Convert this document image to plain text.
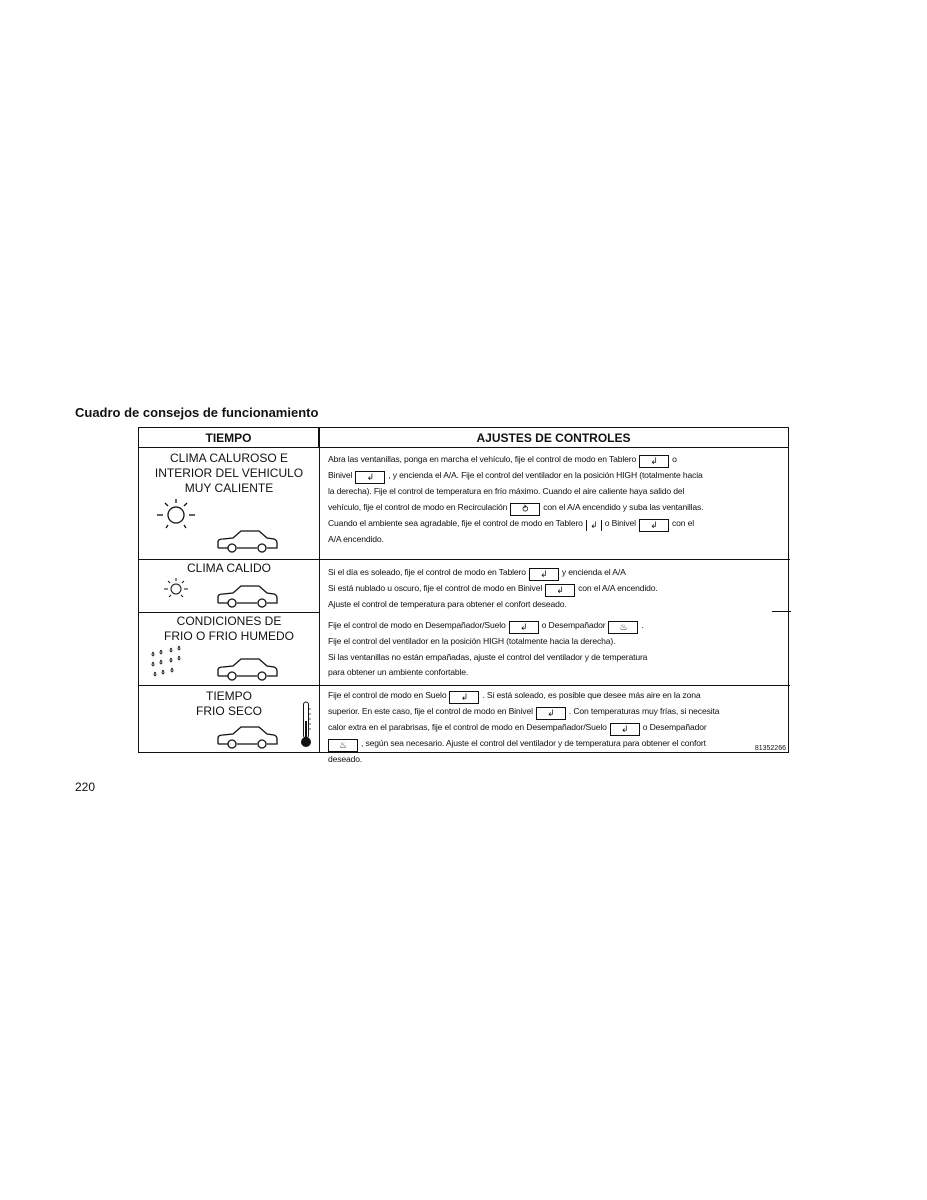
Cuadro de consejos de funcionamiento
TIEMPO	AJUSTES DE CONTROLES
CLIMA CALUROSO E
INTERIOR DEL VEHICULO
MUY CALIENTE

Abra las ventanillas, ponga en marcha el vehículo, fije el control de modo en Tablero ↲ o

Binivel ↲ , y encienda el A/A. Fije el control del ventilador en la posición HIGH (totalmente hacia

la derecha). Fije el control de temperatura en frío máximo. Cuando el aire caliente haya salido del

vehículo, fije el control de modo en Recirculación ⥁ con el A/A encendido y suba las ventanillas.

Cuando el ambiente sea agradable, fije el control de modo en Tablero ↲ o Binivel ↲ con el

A/A encendido.

CLIMA CALIDO	Si el día es soleado, fije el control de modo en Tablero ↲ y encienda el A/A

Si está nublado u oscuro, fije el control de modo en Binivel ↲ con el A/A encendido.

Ajuste el control de temperatura para obtener el confort deseado.

CONDICIONES DE
FRIO O FRIO HUMEDO

Fije el control de modo en Desempañador/Suelo ↲ o Desempañador ♨ .

Fije el control del ventilador en la posición HIGH (totalmente hacia la derecha).

Si las ventanillas no están empañadas, ajuste el control del ventilador y de temperatura

para obtener un ambiente confortable.

TIEMPO
FRIO SECO

Fije el control de modo en Suelo ↲ . Si está soleado, es posible que desee más aire en la zona

superior. En este caso, fije el control de modo en Binivel ↲ . Con temperaturas muy frías, si necesita

calor extra en el parabrisas, fije el control de modo en Desempañador/Suelo ↲ o Desempañador

♨ , según sea necesario. Ajuste el control del ventilador y de temperatura para obtener el confort

deseado.

81352266
220
